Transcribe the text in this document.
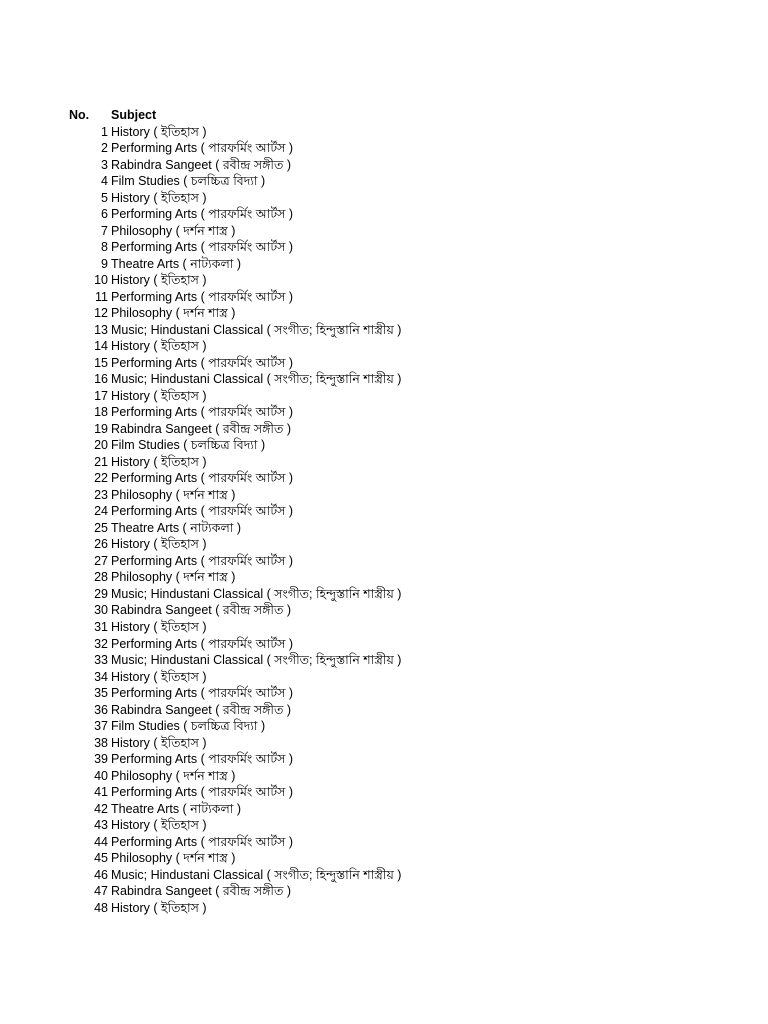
No. Subject
1 History ( ইতিহাস )
2 Performing Arts ( পারফর্মিং আর্টস )
3 Rabindra Sangeet ( রবীন্দ্র সঙ্গীত )
4 Film Studies ( চলচ্চিত্র বিদ্যা )
5 History ( ইতিহাস )
6 Performing Arts ( পারফর্মিং আর্টস )
7 Philosophy ( দর্শন শাস্ত্র )
8 Performing Arts ( পারফর্মিং আর্টস )
9 Theatre Arts ( নাট্যকলা )
10 History ( ইতিহাস )
11 Performing Arts ( পারফর্মিং আর্টস )
12 Philosophy ( দর্শন শাস্ত্র )
13 Music; Hindustani Classical ( সংগীত; হিন্দুস্তানি শাস্ত্রীয় )
14 History ( ইতিহাস )
15 Performing Arts ( পারফর্মিং আর্টস )
16 Music; Hindustani Classical ( সংগীত; হিন্দুস্তানি শাস্ত্রীয় )
17 History ( ইতিহাস )
18 Performing Arts ( পারফর্মিং আর্টস )
19 Rabindra Sangeet ( রবীন্দ্র সঙ্গীত )
20 Film Studies ( চলচ্চিত্র বিদ্যা )
21 History ( ইতিহাস )
22 Performing Arts ( পারফর্মিং আর্টস )
23 Philosophy ( দর্শন শাস্ত্র )
24 Performing Arts ( পারফর্মিং আর্টস )
25 Theatre Arts ( নাট্যকলা )
26 History ( ইতিহাস )
27 Performing Arts ( পারফর্মিং আর্টস )
28 Philosophy ( দর্শন শাস্ত্র )
29 Music; Hindustani Classical ( সংগীত; হিন্দুস্তানি শাস্ত্রীয় )
30 Rabindra Sangeet ( রবীন্দ্র সঙ্গীত )
31 History ( ইতিহাস )
32 Performing Arts ( পারফর্মিং আর্টস )
33 Music; Hindustani Classical ( সংগীত; হিন্দুস্তানি শাস্ত্রীয় )
34 History ( ইতিহাস )
35 Performing Arts ( পারফর্মিং আর্টস )
36 Rabindra Sangeet ( রবীন্দ্র সঙ্গীত )
37 Film Studies ( চলচ্চিত্র বিদ্যা )
38 History ( ইতিহাস )
39 Performing Arts ( পারফর্মিং আর্টস )
40 Philosophy ( দর্শন শাস্ত্র )
41 Performing Arts ( পারফর্মিং আর্টস )
42 Theatre Arts ( নাট্যকলা )
43 History ( ইতিহাস )
44 Performing Arts ( পারফর্মিং আর্টস )
45 Philosophy ( দর্শন শাস্ত্র )
46 Music; Hindustani Classical ( সংগীত; হিন্দুস্তানি শাস্ত্রীয় )
47 Rabindra Sangeet ( রবীন্দ্র সঙ্গীত )
48 History ( ইতিহাস )
